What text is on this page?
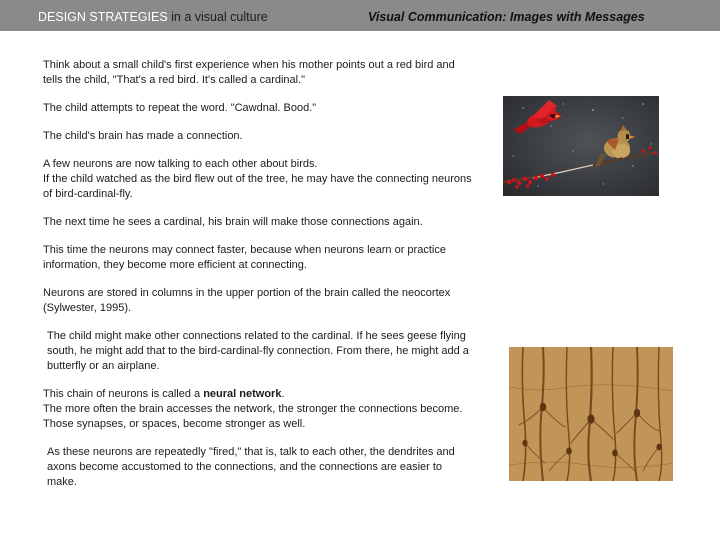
DESIGN STRATEGIES in a visual culture	Visual Communication: Images with Messages

Think about a small child's first experience when his mother points out a red bird and tells the child, "That's a red bird. It's called a cardinal."

The child attempts to repeat the word. "Cawdnal. Bood."

The child's brain has made a connection.

A few neurons are now talking to each other about birds.
If the child watched as the bird flew out of the tree, he may have the connecting neurons of bird-cardinal-fly.

The next time he sees a cardinal, his brain will make those connections again.

This time the neurons may connect faster, because when neurons learn or practice information, they become more efficient at connecting.

Neurons are stored in columns in the upper portion of the brain called the neocortex (Sylwester, 1995).

The child might make other connections related to the cardinal. If he sees geese flying south, he might add that to the bird-cardinal-fly connection. From there, he might add a butterfly or an airplane.

This chain of neurons is called a neural network.
The more often the brain accesses the network, the stronger the connections become. Those synapses, or spaces, become stronger as well.

As these neurons are repeatedly "fired," that is, talk to each other, the dendrites and axons become accustomed to the connections, and the connections are easier to make.
